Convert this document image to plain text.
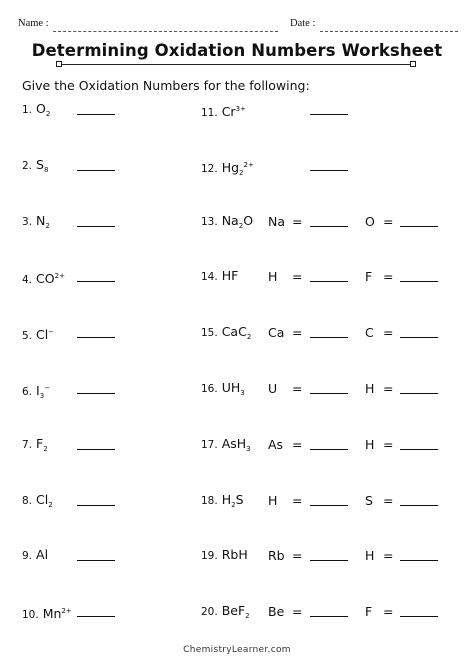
Name :	Date :
Determining Oxidation Numbers Worksheet
Give the Oxidation Numbers for the following:
1. $O_2$
2. $S_8$
3. $N_2$
4. $CO^{2+}$
5. Cl−
6. $I_3^-$
7. $F_2$
8. $Cl_2$
9. Al
10. $Mn^{2+}$
11. $Cr^{3+}$
12. $Hg_2^{2+}$
13. $Na_2O$ Na =	O =
14. HF H =	F =
15. CaC$_2$ Ca =	C =
16. $UH_3$ U =	H =
17. AsH$_3$ As =	H =
18. $H_2S$ H =	S =
19. RbH Rb =	H =
20. BeF$_2$ Be =	F =
ChemistryLearner.com
